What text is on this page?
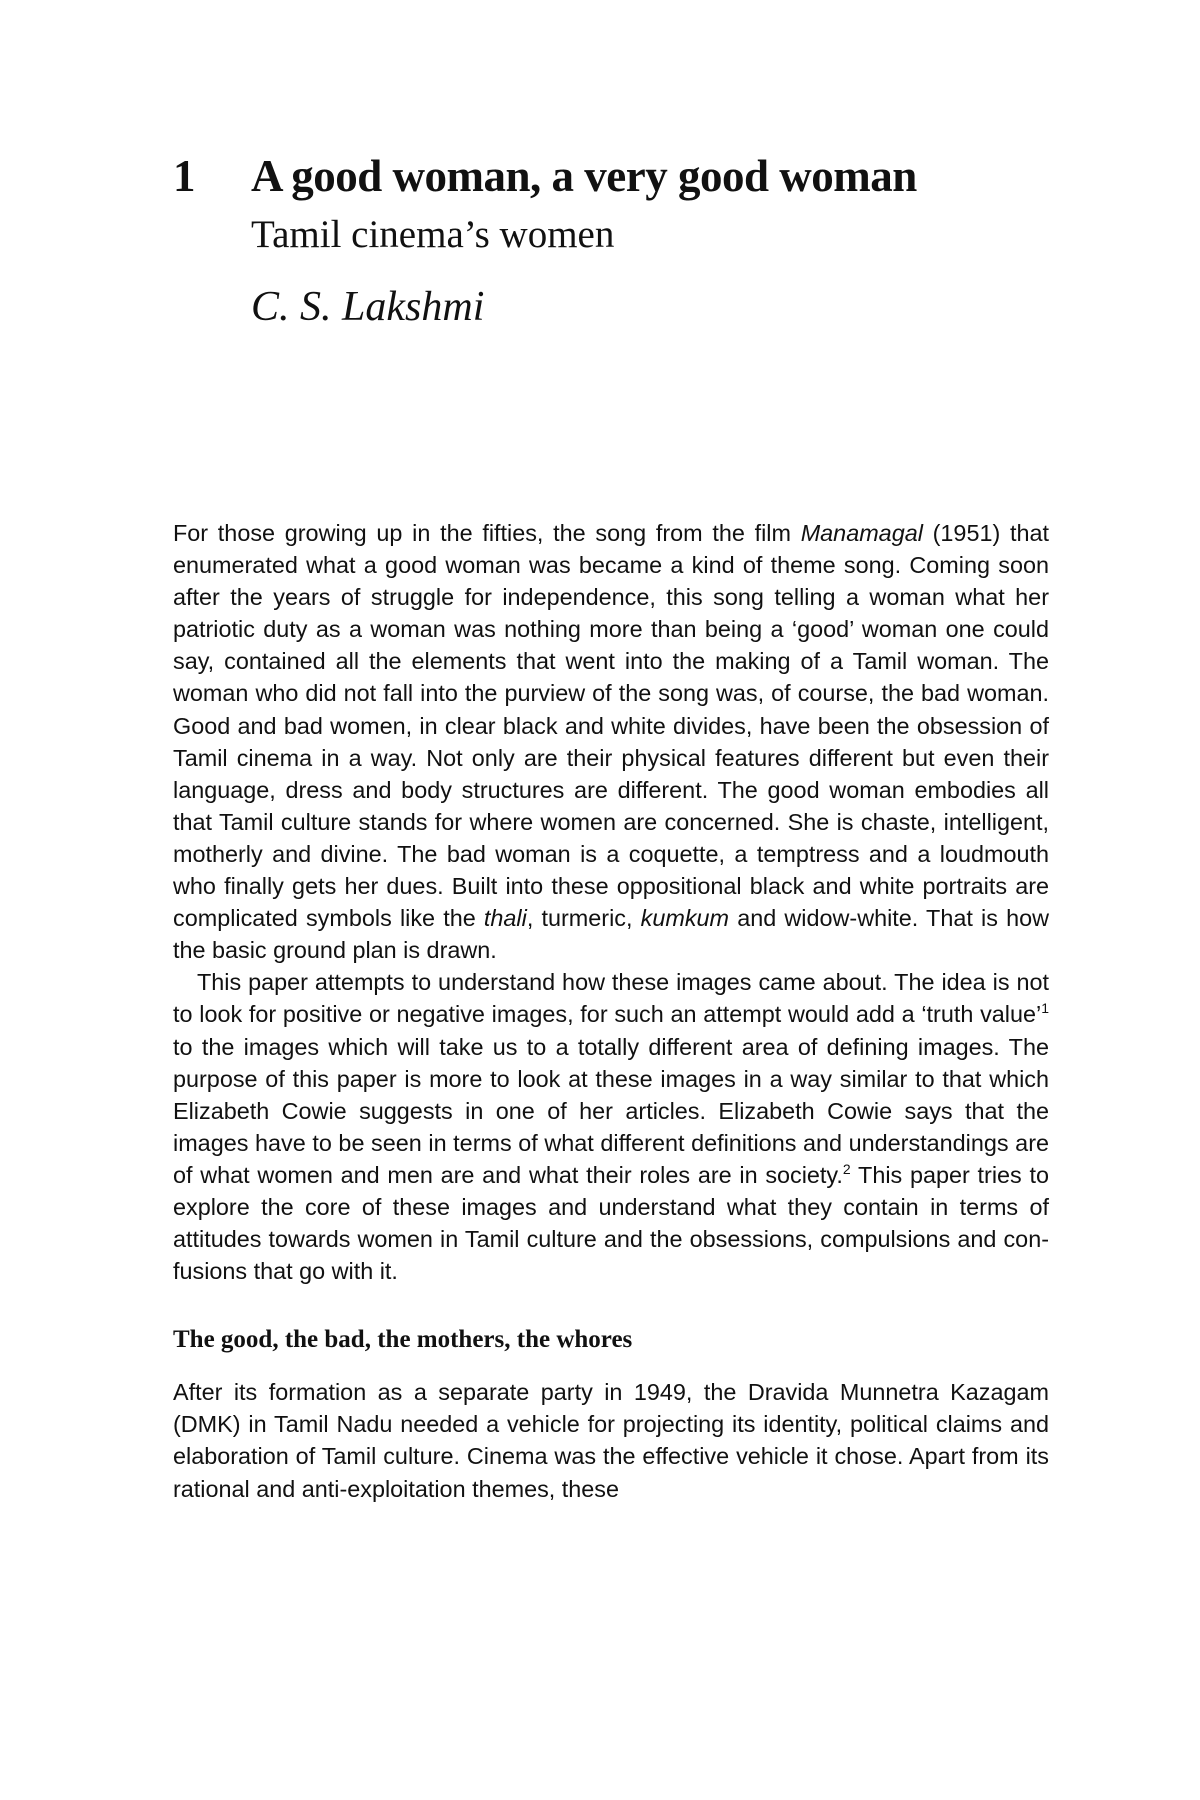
1	A good woman, a very good woman
Tamil cinema’s women
C. S. Lakshmi

For those growing up in the fifties, the song from the film Manamagal (1951) that enumerated what a good woman was became a kind of theme song. Coming soon after the years of struggle for independence, this song telling a woman what her patriotic duty as a woman was nothing more than being a ‘good’ woman one could say, contained all the elements that went into the making of a Tamil woman. The woman who did not fall into the purview of the song was, of course, the bad woman. Good and bad women, in clear black and white divides, have been the obsession of Tamil cinema in a way. Not only are their physical features different but even their language, dress and body structures are different. The good woman embodies all that Tamil culture stands for where women are concerned. She is chaste, intelligent, motherly and divine. The bad woman is a coquette, a temptress and a loudmouth who finally gets her dues. Built into these oppositional black and white portraits are complicated symbols like the thali, turmeric, kumkum and widow-white. That is how the basic ground plan is drawn.

This paper attempts to understand how these images came about. The idea is not to look for positive or negative images, for such an attempt would add a ‘truth value’$^1$ to the images which will take us to a totally different area of defining images. The purpose of this paper is more to look at these images in a way similar to that which Elizabeth Cowie suggests in one of her articles. Elizabeth Cowie says that the images have to be seen in terms of what different definitions and understandings are of what women and men are and what their roles are in society.$^2$ This paper tries to explore the core of these images and understand what they contain in terms of attitudes towards women in Tamil culture and the obsessions, compulsions and confusions that go with it.

The good, the bad, the mothers, the whores

After its formation as a separate party in 1949, the Dravida Munnetra Kazagam (DMK) in Tamil Nadu needed a vehicle for projecting its identity, political claims and elaboration of Tamil culture. Cinema was the effective vehicle it chose. Apart from its rational and anti-exploitation themes, these
